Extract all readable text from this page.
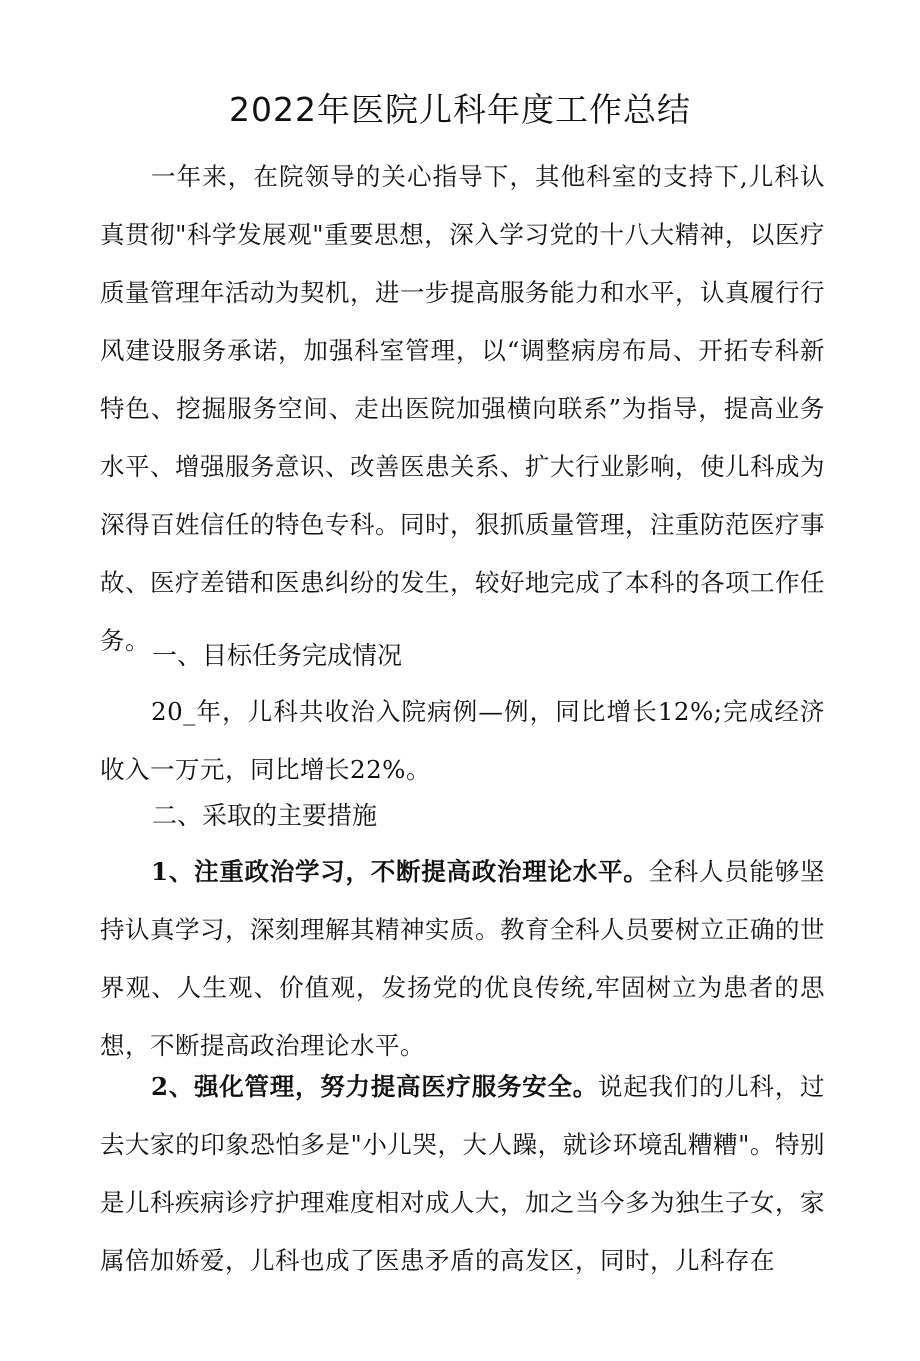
2022年医院儿科年度工作总结

一年来，在院领导的关心指导下，其他科室的支持下,儿科认真贯彻"科学发展观"重要思想，深入学习党的十八大精神，以医疗质量管理年活动为契机，进一步提高服务能力和水平，认真履行行风建设服务承诺，加强科室管理，以“调整病房布局、开拓专科新特色、挖掘服务空间、走出医院加强横向联系”为指导，提高业务水平、增强服务意识、改善医患关系、扩大行业影响，使儿科成为深得百姓信任的特色专科。同时，狠抓质量管理，注重防范医疗事故、医疗差错和医患纠纷的发生，较好地完成了本科的各项工作任务。

一、目标任务完成情况

20_年，儿科共收治入院病例—例，同比增长12%;完成经济收入一万元，同比增长22%。

二、采取的主要措施

1、注重政治学习，不断提高政治理论水平。全科人员能够坚持认真学习，深刻理解其精神实质。教育全科人员要树立正确的世界观、人生观、价值观，发扬党的优良传统,牢固树立为患者的思想，不断提高政治理论水平。

2、强化管理，努力提高医疗服务安全。说起我们的儿科，过去大家的印象恐怕多是"小儿哭，大人躁，就诊环境乱糟糟"。特别是儿科疾病诊疗护理难度相对成人大，加之当今多为独生子女，家属倍加娇爱，儿科也成了医患矛盾的高发区，同时，儿科存在
